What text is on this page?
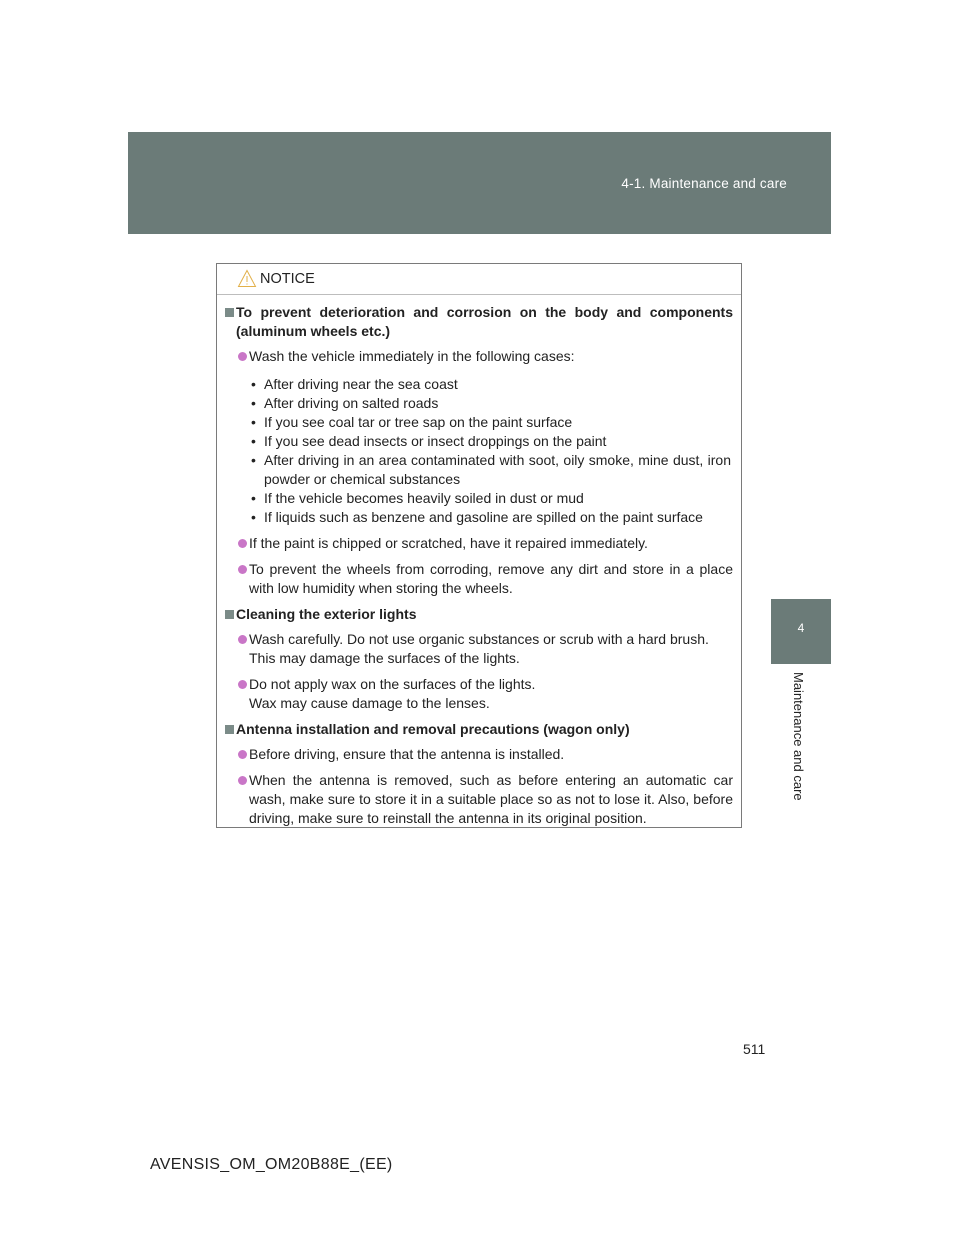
4-1. Maintenance and care
4
Maintenance and care
NOTICE
To prevent deterioration and corrosion on the body and components (aluminum wheels etc.)
Wash the vehicle immediately in the following cases:
• After driving near the sea coast
• After driving on salted roads
• If you see coal tar or tree sap on the paint surface
• If you see dead insects or insect droppings on the paint
• After driving in an area contaminated with soot, oily smoke, mine dust, iron powder or chemical substances
• If the vehicle becomes heavily soiled in dust or mud
• If liquids such as benzene and gasoline are spilled on the paint surface
If the paint is chipped or scratched, have it repaired immediately.
To prevent the wheels from corroding, remove any dirt and store in a place with low humidity when storing the wheels.
Cleaning the exterior lights
Wash carefully. Do not use organic substances or scrub with a hard brush.
This may damage the surfaces of the lights.
Do not apply wax on the surfaces of the lights.
Wax may cause damage to the lenses.
Antenna installation and removal precautions (wagon only)
Before driving, ensure that the antenna is installed.
When the antenna is removed, such as before entering an automatic car wash, make sure to store it in a suitable place so as not to lose it. Also, before driving, make sure to reinstall the antenna in its original position.
511
AVENSIS_OM_OM20B88E_(EE)
